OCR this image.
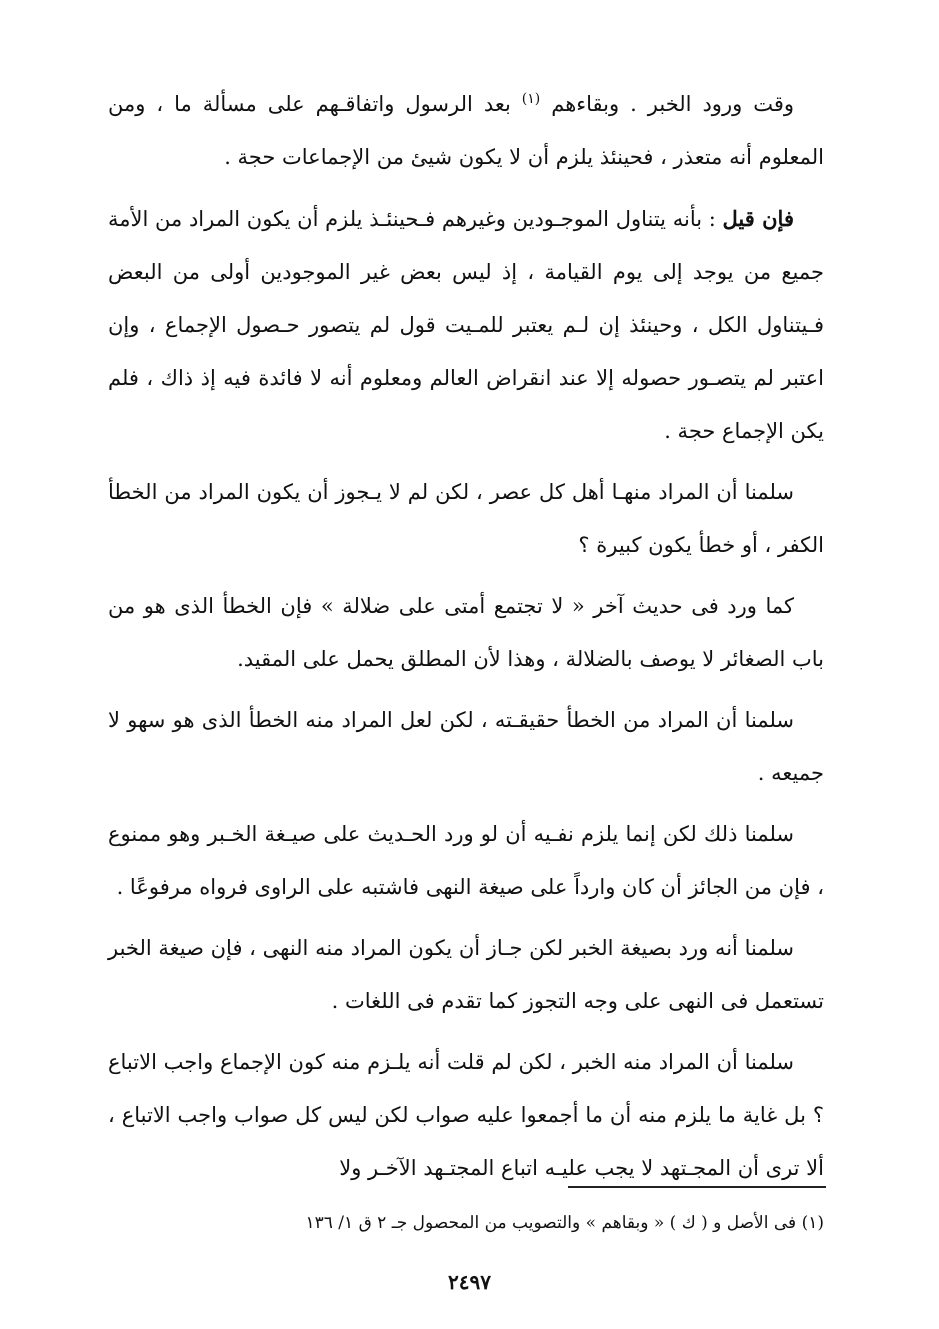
وقت ورود الخبر . وبقاءهم $^{(١)}$ بعد الرسول واتفاقـهم على مسألة ما ، ومن المعلوم أنه متعذر ، فحينئذ يلزم أن لا يكون شيئ من الإجماعات حجة .

فإن قيل : بأنه يتناول الموجـودين وغيرهم فـحينئـذ يلزم أن يكون المراد من الأمة جميع من يوجد إلى يوم القيامة ، إذ ليس بعض غير الموجودين أولى من البعض فـيتناول الكل ، وحينئذ إن لـم يعتبر للمـيت قول لم يتصور حـصول الإجماع ، وإن اعتبر لم يتصـور حصوله إلا عند انقراض العالم ومعلوم أنه لا فائدة فيه إذ ذاك ، فلم يكن الإجماع حجة .

سلمنا أن المراد منهـا أهل كل عصر ، لكن لم لا يـجوز أن يكون المراد من الخطأ الكفر ، أو خطأ يكون كبيرة ؟

كما ورد فى حديث آخر « لا تجتمع أمتى على ضلالة » فإن الخطأ الذى هو من باب الصغائر لا يوصف بالضلالة ، وهذا لأن المطلق يحمل على المقيد.

سلمنا أن المراد من الخطأ حقيقـته ، لكن لعل المراد منه الخطأ الذى هو سهو لا جميعه .

سلمنا ذلك لكن إنما يلزم نفـيه أن لو ورد الحـديث على صيـغة الخـبر وهو ممنوع ، فإن من الجائز أن كان وارداً على صيغة النهى فاشتبه على الراوى فرواه مرفوعًا .

سلمنا أنه ورد بصيغة الخبر لكن جـاز أن يكون المراد منه النهى ، فإن صيغة الخبر تستعمل فى النهى على وجه التجوز كما تقدم فى اللغات .

سلمنا أن المراد منه الخبر ، لكن لم قلت أنه يلـزم منه كون الإجماع واجب الاتباع ؟ بل غاية ما يلزم منه أن ما أجمعوا عليه صواب لكن ليس كل صواب واجب الاتباع ، ألا ترى أن المجـتهد لا يجب عليـه اتباع المجتـهد الآخـر ولا

(١) فى الأصل و ( ك ) « وبقاهم » والتصويب من المحصول جـ ٢ ق ١/ ١٣٦
٢٤٩٧
